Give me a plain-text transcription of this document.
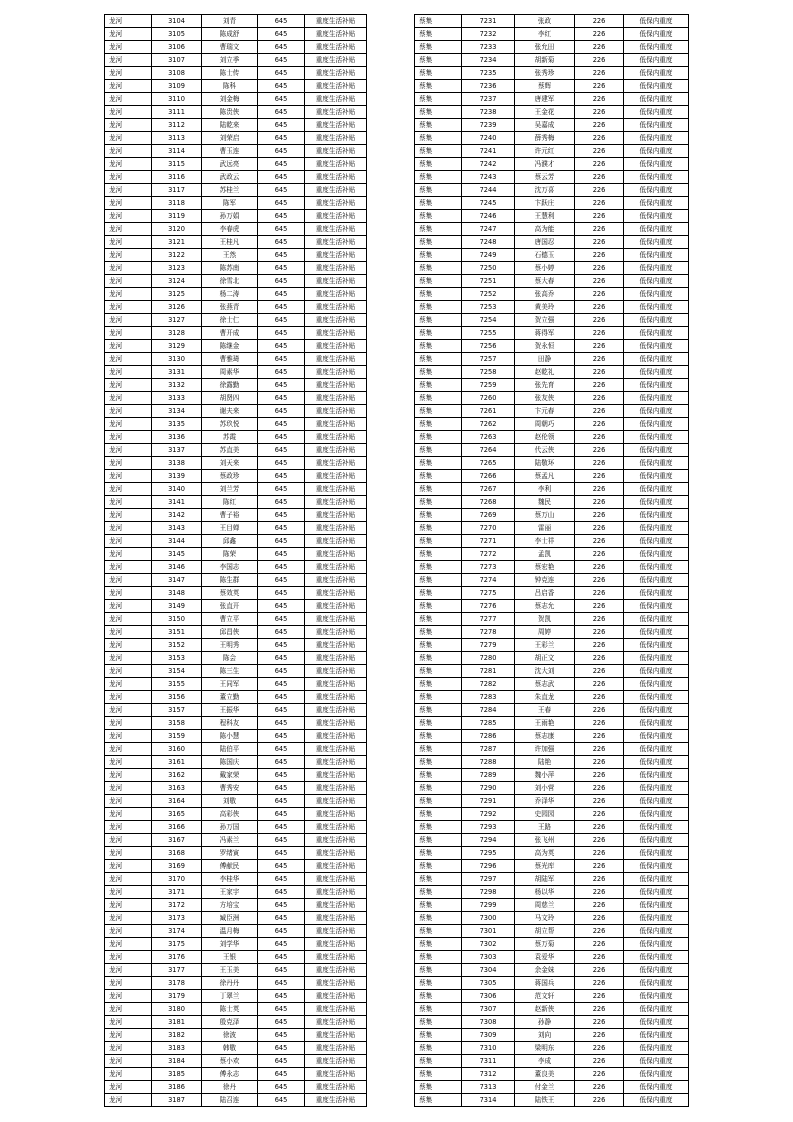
龙河	3104	刘青	645	重度生活补贴
龙河	3105	陈成舒	645	重度生活补贴
龙河	3106	曹瑞文	645	重度生活补贴
龙河	3107	刘立季	645	重度生活补贴
龙河	3108	陈士传	645	重度生活补贴
龙河	3109	陈科	645	重度生活补贴
龙河	3110	刘金梅	645	重度生活补贴
龙河	3111	陈贵侠	645	重度生活补贴
龙河	3112	陆乾来	645	重度生活补贴
龙河	3113	刘荣启	645	重度生活补贴
龙河	3114	曹玉连	645	重度生活补贴
龙河	3115	武远亮	645	重度生活补贴
龙河	3116	武政云	645	重度生活补贴
龙河	3117	苏桂兰	645	重度生活补贴
龙河	3118	陈军	645	重度生活补贴
龙河	3119	孙万娟	645	重度生活补贴
龙河	3120	李春虎	645	重度生活补贴
龙河	3121	王桂凡	645	重度生活补贴
龙河	3122	王然	645	重度生活补贴
龙河	3123	陈苏南	645	重度生活补贴
龙河	3124	徐雪北	645	重度生活补贴
龙河	3125	杨二涛	645	重度生活补贴
龙河	3126	张燕青	645	重度生活补贴
龙河	3127	徐士仁	645	重度生活补贴
龙河	3128	曹开成	645	重度生活补贴
龙河	3129	陈继金	645	重度生活补贴
龙河	3130	曹雅琦	645	重度生活补贴
龙河	3131	周素华	645	重度生活补贴
龙河	3132	徐露勤	645	重度生活补贴
龙河	3133	胡贤四	645	重度生活补贴
龙河	3134	谢夫来	645	重度生活补贴
龙河	3135	苏玖悦	645	重度生活补贴
龙河	3136	苏霞	645	重度生活补贴
龙河	3137	苏直美	645	重度生活补贴
龙河	3138	刘天来	645	重度生活补贴
龙河	3139	蔡政珍	645	重度生活补贴
龙河	3140	刘兰芳	645	重度生活补贴
龙河	3141	陈红	645	重度生活补贴
龙河	3142	曹子裕	645	重度生活补贴
龙河	3143	王目婵	645	重度生活补贴
龙河	3144	邱鑫	645	重度生活补贴
龙河	3145	陈荣	645	重度生活补贴
龙河	3146	李国志	645	重度生活补贴
龙河	3147	陈生群	645	重度生活补贴
龙河	3148	蔡效英	645	重度生活补贴
龙河	3149	张直开	645	重度生活补贴
龙河	3150	曹立平	645	重度生活补贴
龙河	3151	邱昌侠	645	重度生活补贴
龙河	3152	王明秀	645	重度生活补贴
龙河	3153	陈会	645	重度生活补贴
龙河	3154	陈三生	645	重度生活补贴
龙河	3155	王同军	645	重度生活补贴
龙河	3156	董立勤	645	重度生活补贴
龙河	3157	王振华	645	重度生活补贴
龙河	3158	程科友	645	重度生活补贴
龙河	3159	陈小慧	645	重度生活补贴
龙河	3160	陆伯平	645	重度生活补贴
龙河	3161	陈国庆	645	重度生活补贴
龙河	3162	戴家荣	645	重度生活补贴
龙河	3163	曹秀安	645	重度生活补贴
龙河	3164	刘敬	645	重度生活补贴
龙河	3165	高彩侠	645	重度生活补贴
龙河	3166	孙万国	645	重度生活补贴
龙河	3167	冯素兰	645	重度生活补贴
龙河	3168	罗绪寅	645	重度生活补贴
龙河	3169	傅献民	645	重度生活补贴
龙河	3170	李桂华	645	重度生活补贴
龙河	3171	王家宇	645	重度生活补贴
龙河	3172	方培宝	645	重度生活补贴
龙河	3173	臧臣洲	645	重度生活补贴
龙河	3174	温月梅	645	重度生活补贴
龙河	3175	刘学华	645	重度生活补贴
龙河	3176	王银	645	重度生活补贴
龙河	3177	王玉美	645	重度生活补贴
龙河	3178	徐丹丹	645	重度生活补贴
龙河	3179	丁翠兰	645	重度生活补贴
龙河	3180	陈士英	645	重度生活补贴
龙河	3181	殷克泽	645	重度生活补贴
龙河	3182	徐波	645	重度生活补贴
龙河	3183	韩敬	645	重度生活补贴
龙河	3184	蔡小欢	645	重度生活补贴
龙河	3185	傅永志	645	重度生活补贴
龙河	3186	徐丹	645	重度生活补贴
龙河	3187	陆召连	645	重度生活补贴
蔡集	7231	张政	226	低保内重度
蔡集	7232	李红	226	低保内重度
蔡集	7233	张允田	226	低保内重度
蔡集	7234	胡新菊	226	低保内重度
蔡集	7235	张秀珍	226	低保内重度
蔡集	7236	蔡辉	226	低保内重度
蔡集	7237	唐建军	226	低保内重度
蔡集	7238	王金花	226	低保内重度
蔡集	7239	吴嘉成	226	低保内重度
蔡集	7240	薛秀梅	226	低保内重度
蔡集	7241	许元红	226	低保内重度
蔡集	7242	冯濮才	226	低保内重度
蔡集	7243	蔡云芳	226	低保内重度
蔡集	7244	沈万喜	226	低保内重度
蔡集	7245	卞跃庄	226	低保内重度
蔡集	7246	王慧利	226	低保内重度
蔡集	7247	高为能	226	低保内重度
蔡集	7248	唐国忍	226	低保内重度
蔡集	7249	石德玉	226	低保内重度
蔡集	7250	蔡小婷	226	低保内重度
蔡集	7251	蔡大春	226	低保内重度
蔡集	7252	张高乔	226	低保内重度
蔡集	7253	黄美玲	226	低保内重度
蔡集	7254	贺立强	226	低保内重度
蔡集	7255	蒋得军	226	低保内重度
蔡集	7256	贺永恒	226	低保内重度
蔡集	7257	田静	226	低保内重度
蔡集	7258	赵乾礼	226	低保内重度
蔡集	7259	张先育	226	低保内重度
蔡集	7260	张友侠	226	低保内重度
蔡集	7261	卞元春	226	低保内重度
蔡集	7262	周朝巧	226	低保内重度
蔡集	7263	赵伦领	226	低保内重度
蔡集	7264	代云侠	226	低保内重度
蔡集	7265	陆敬环	226	低保内重度
蔡集	7266	蔡孟凡	226	低保内重度
蔡集	7267	李利	226	低保内重度
蔡集	7268	魏民	226	低保内重度
蔡集	7269	蔡万山	226	低保内重度
蔡集	7270	雷丽	226	低保内重度
蔡集	7271	李士祥	226	低保内重度
蔡集	7272	孟凯	226	低保内重度
蔡集	7273	蔡宏艳	226	低保内重度
蔡集	7274	钟克连	226	低保内重度
蔡集	7275	吕启香	226	低保内重度
蔡集	7276	蔡志允	226	低保内重度
蔡集	7277	贺凯	226	低保内重度
蔡集	7278	周婷	226	低保内重度
蔡集	7279	王彩兰	226	低保内重度
蔡集	7280	胡正文	226	低保内重度
蔡集	7281	沈大刘	226	低保内重度
蔡集	7282	蔡志武	226	低保内重度
蔡集	7283	朱直龙	226	低保内重度
蔡集	7284	王春	226	低保内重度
蔡集	7285	王雨艳	226	低保内重度
蔡集	7286	蔡志康	226	低保内重度
蔡集	7287	许加强	226	低保内重度
蔡集	7288	陆艳	226	低保内重度
蔡集	7289	魏小萍	226	低保内重度
蔡集	7290	刘小营	226	低保内重度
蔡集	7291	乔泽华	226	低保内重度
蔡集	7292	史园园	226	低保内重度
蔡集	7293	王路	226	低保内重度
蔡集	7294	张飞州	226	低保内重度
蔡集	7295	高为英	226	低保内重度
蔡集	7296	蔡光库	226	低保内重度
蔡集	7297	胡陆军	226	低保内重度
蔡集	7298	杨以华	226	低保内重度
蔡集	7299	周慈兰	226	低保内重度
蔡集	7300	马文玲	226	低保内重度
蔡集	7301	胡立帮	226	低保内重度
蔡集	7302	蔡万菊	226	低保内重度
蔡集	7303	袁爱华	226	低保内重度
蔡集	7304	余金妹	226	低保内重度
蔡集	7305	蒋国兵	226	低保内重度
蔡集	7306	范文轩	226	低保内重度
蔡集	7307	赵新侠	226	低保内重度
蔡集	7308	孙静	226	低保内重度
蔡集	7309	刘向	226	低保内重度
蔡集	7310	梁明东	226	低保内重度
蔡集	7311	李成	226	低保内重度
蔡集	7312	董良美	226	低保内重度
蔡集	7313	付金兰	226	低保内重度
蔡集	7314	陆铁王	226	低保内重度
